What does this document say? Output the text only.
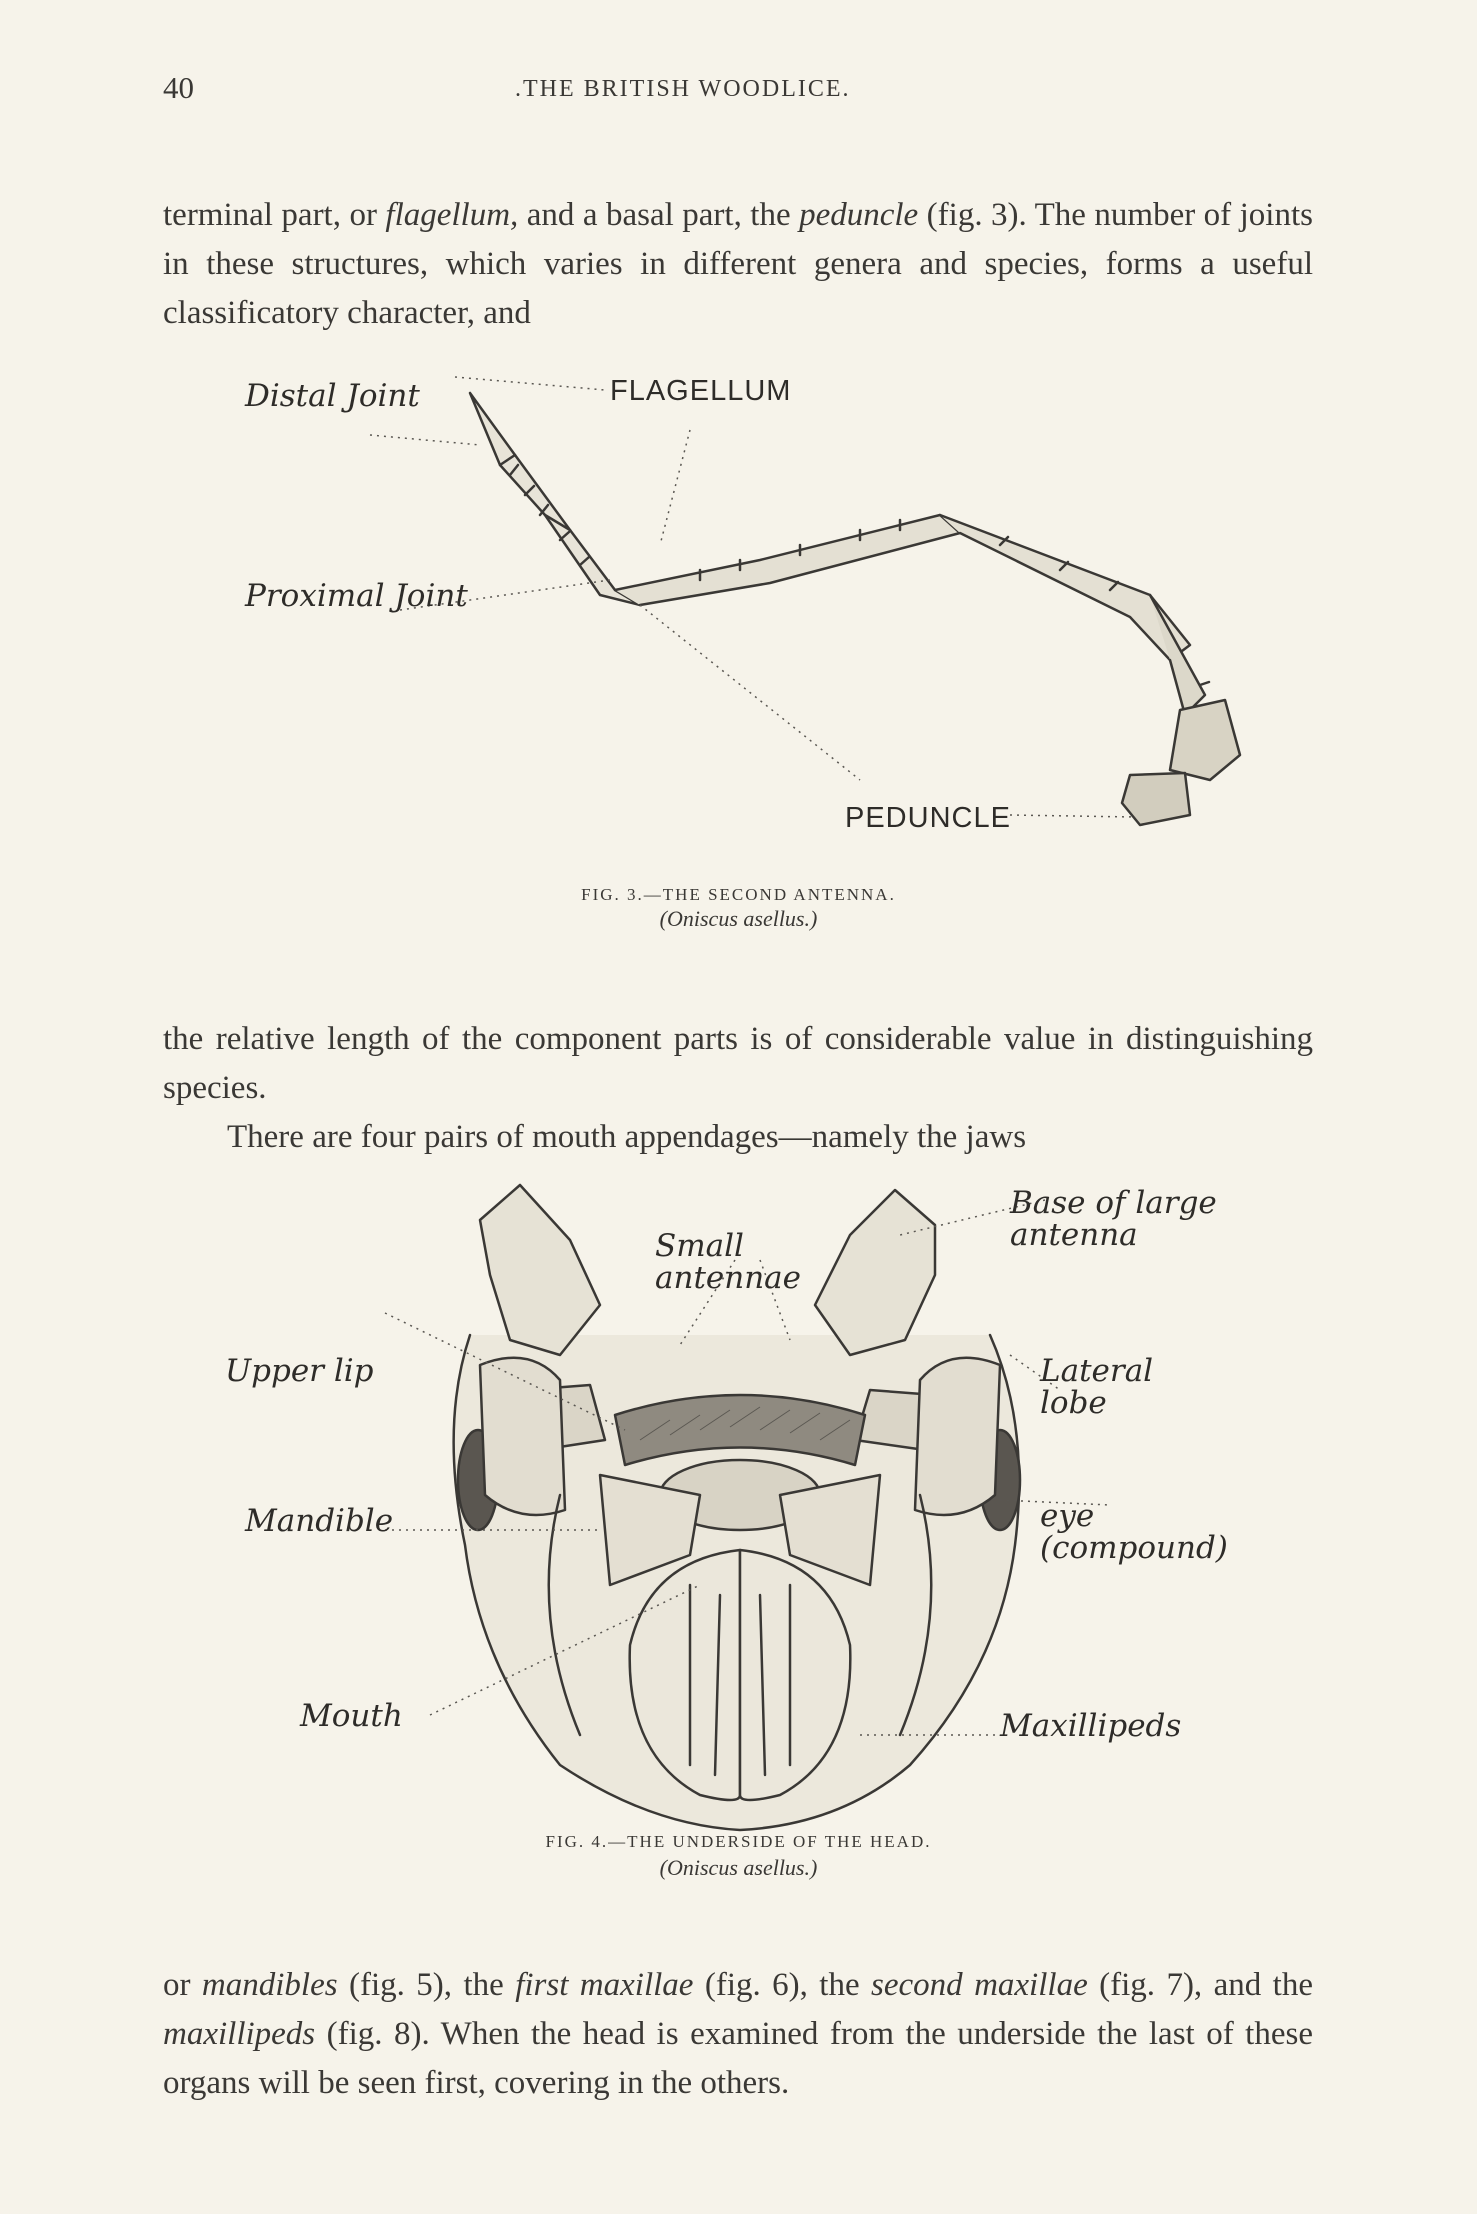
40	.THE BRITISH WOODLICE.

terminal part, or flagellum, and a basal part, the peduncle (fig. 3). The number of joints in these structures, which varies in different genera and species, forms a useful classificatory character, and

Distal Joint	FLAGELLUM
Proximal Joint
PEDUNCLE
FIG. 3.—THE SECOND ANTENNA.
(Oniscus asellus.)

the relative length of the component parts is of considerable value in distinguishing species.
There are four pairs of mouth appendages—namely the jaws

Small antennae
Base of large antenna
Upper lip	Lateral lobe
Mandible	eye (compound)
Mouth	Maxillipeds
FIG. 4.—THE UNDERSIDE OF THE HEAD.
(Oniscus asellus.)

or mandibles (fig. 5), the first maxillae (fig. 6), the second maxillae (fig. 7), and the maxillipeds (fig. 8). When the head is examined from the underside the last of these organs will be seen first, covering in the others.
